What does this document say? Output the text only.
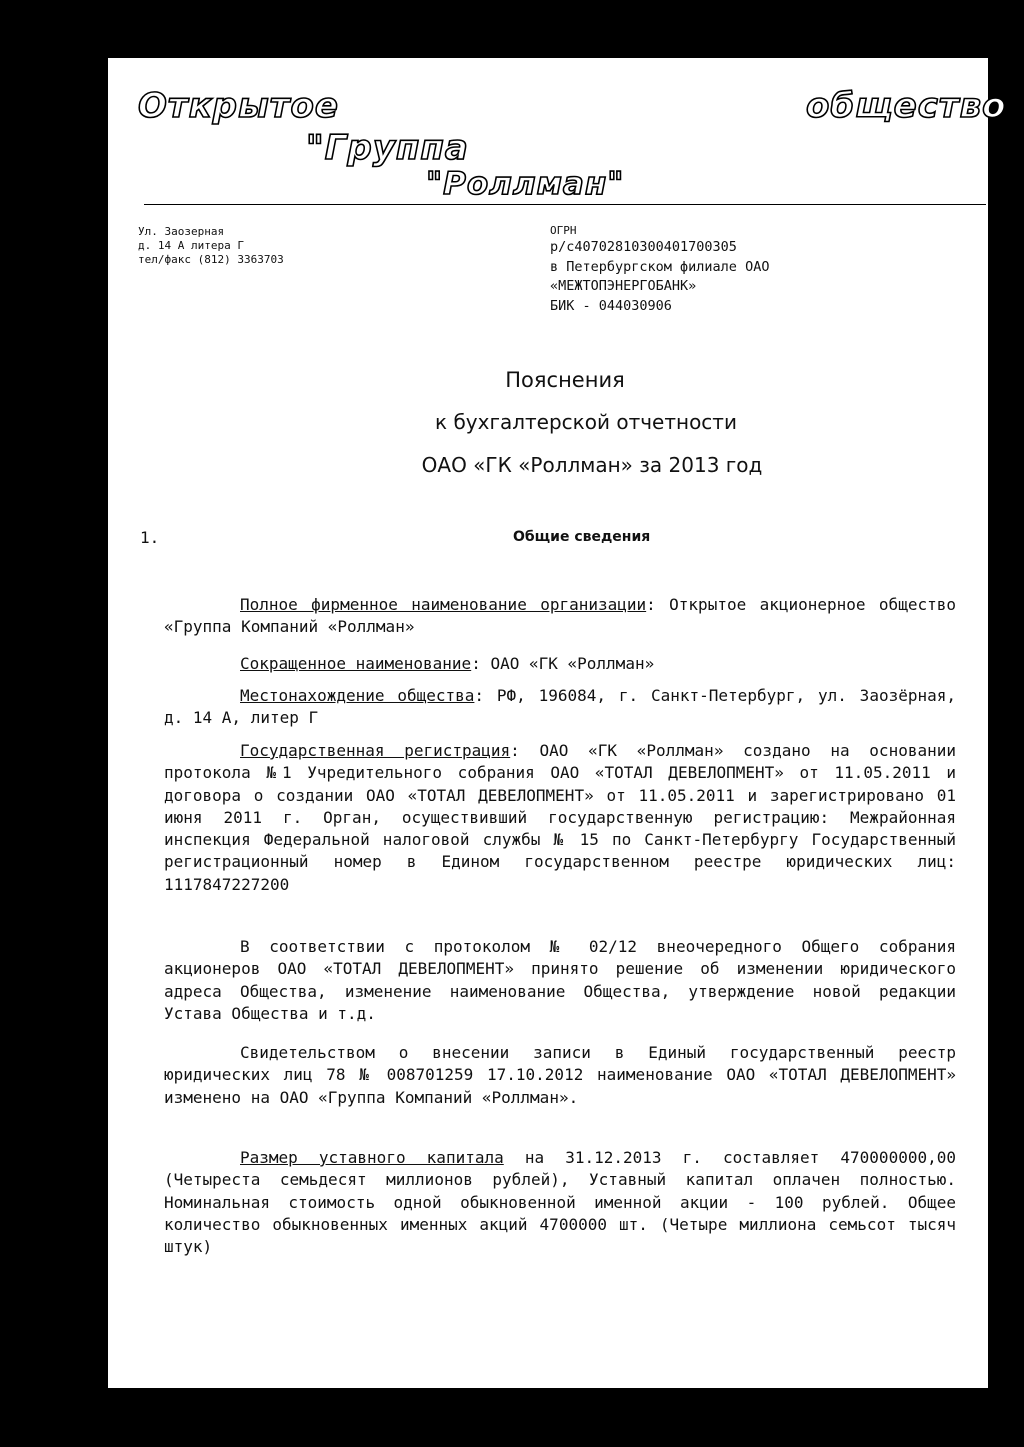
Открытое	общество
"Группа
"Роллман"
Ул. Заозерная
д. 14 А литера Г
тел/факс (812) 3363703
ОГРН
р/с40702810300401700305
в Петербургском филиале ОАО
«МЕЖТОПЭНЕРГОБАНК»
БИК - 044030906
Пояснения
к бухгалтерской отчетности
ОАО «ГК «Роллман» за 2013 год
1.	Общие сведения
Полное фирменное наименование организации: Открытое акционерное общество «Группа Компаний «Роллман»
Сокращенное наименование: ОАО «ГК «Роллман»
Местонахождение общества: РФ, 196084, г. Санкт-Петербург, ул. Заозёрная, д. 14 А, литер Г
Государственная регистрация: ОАО «ГК «Роллман» создано на основании протокола №1 Учредительного собрания ОАО «ТОТАЛ ДЕВЕЛОПМЕНТ» от 11.05.2011 и договора о создании ОАО «ТОТАЛ ДЕВЕЛОПМЕНТ» от 11.05.2011 и зарегистрировано 01 июня 2011 г. Орган, осуществивший государственную регистрацию: Межрайонная инспекция Федеральной налоговой службы № 15 по Санкт-Петербургу Государственный регистрационный номер в Едином государственном реестре юридических лиц: 1117847227200
В соответствии с протоколом № 02/12 внеочередного Общего собрания акционеров ОАО «ТОТАЛ ДЕВЕЛОПМЕНТ» принято решение об изменении юридического адреса Общества, изменение наименование Общества, утверждение новой редакции Устава Общества и т.д.
Свидетельством о внесении записи в Единый государственный реестр юридических лиц 78 № 008701259 17.10.2012 наименование ОАО «ТОТАЛ ДЕВЕЛОПМЕНТ» изменено на ОАО «Группа Компаний «Роллман».
Размер уставного капитала на 31.12.2013 г. составляет 470000000,00 (Четыреста семьдесят миллионов рублей), Уставный капитал оплачен полностью. Номинальная стоимость одной обыкновенной именной акции - 100 рублей. Общее количество обыкновенных именных акций 4700000 шт. (Четыре миллиона семьсот тысяч штук)
